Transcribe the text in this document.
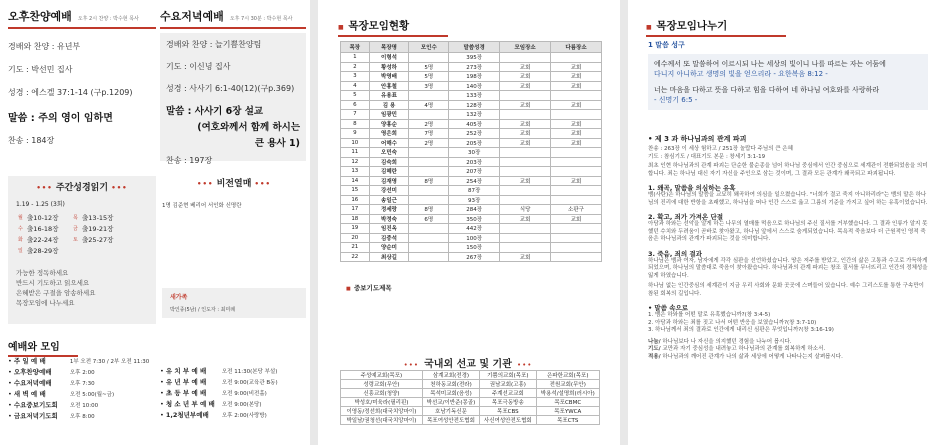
오후찬양예배 오후 2시 찬양 : 박수현 목사
경배와 찬양 : 유년부
기도 : 박선민 집사
성경 : 에스겔 37:1-14 (구p.1209)
말씀 : 주의 영이 임하면
찬송 : 184장
수요저녁예배 오후 7시 30분 : 박수현 목사
경배와 찬양 : 늘기쁨찬양팀
기도 : 이신녕 집사
성경 : 사사기 6:1-40(12)(구p.369)
말씀 : 사사기 6장 설교
(여호와께서 함께 하시는
큰 용사 1)
찬송 : 197장
••• 주간성경읽기 •••
1.19 - 1.25 (3회)
월	출10-12장	목	출13-15장
수	출16-18장	금	출19-21장
화	출22-24장	토	출25-27장
일	출28-29장		
가능한 정독하세요
반드시 기도하고 읽으세요
은혜받은 구절을 암송하세요
목장모임에 나누세요
••• 비전열매 •••
1명 김준현 베리어 서인화 신명란
새가족
박인종(5남) / 인도자 : 최미례
예배와 모임
• 주 일 예 배	1부 오전 7:30 / 2부 오전 11:30
• 오후찬양예배	오후 2:00
• 수요저녁예배	오후 7:30
• 새 벽 예 배	오전 5:00(월~금)
• 수요중보기도회 오전 10:00
• 금요저녁기도회 오후 8:00
• 유 치 부 예 배	오전 11:30(본당 부설)
• 유 년 부 예 배	오전 9:00(교육관 B동)
• 초 등 부 예 배	오전 9:00(비전홀)
• 청 소 년 부 예 배 오전 9:00(본당)
• 1,2청년부예배 오후 2:00(사랑방)
■ 목장모임현황
목장	목장명	모인수	말씀성경	모임장소	다름장소
1	이형석		395장		
2	황성하	5명	273장	교회	교회
3	박영배	5명	198장	교회	교회
4	안홍철	3명	140장	교회	교회
5	유용표		133장		
6	김 용	4명	128장	교회	교회
7	임광민		132장		
8	양홍순	2명	405장	교회	교회
9	영은희	7명	252장	교회	교회
10	어해수	2명	205장	교회	교회
11	오민숙		30장		
12	김숙희		203장		
13	김혜란		207장		
14	김재영	8명	254장	교회	교회
15	강선미		87장		
16	송일근		93장		
17	정세랑	8명	284장	식당	소판구
18	박정숙	6명	350장	교회	교회
19	임진옥		442장		
20	김중석		100장		
21	양순미		150장		
22	최상길		267장	교회	
■ 중보기도제목
••• 국내외 선교 및 기관 •••
주성예교회(목포)	삼계교회(전경)	기쁨의교회(목포)	은파한교회(목포)
성령교회(무안)	천하동교회(전라)	권남교회(고흥)	전원교회(무안)
신흥교회(청양)	목석미교회(음성)	주계선교교회	박용석/설명희(러시아)
박성호/미육라(필리핀)	박선교/이반준(몽골)	목포극동방송	목포CBMC
이영동/정선희(대국치앙마이)	호남기독신문	목포CBS	목포YWCA
박일남/권청선(대국치앙마이)	목포여성안전도협회	사신여성안전도협회	목포CTS
■ 목장모임나누기
1 말씀 성구
에수께서 또 말씀하여 이르시되 나는 세상의 빛이니 나를 따르는 자는 어둠에
다니지 아니하고 생명의 빛을 얻으리라 - 요한복음 8:12 -
너는 마음을 다하고 뜻을 다하고 힘을 다하여 네 하나님 여호와를 사랑하라
- 신명기 6:5 -
• 제 3 과 하나님과의 관계 파괴
찬송 : 263장 이 세상 험하고 / 251장 놀랍다 주님의 큰 은혜
기도 : 참심기도 / 대표기도 본문 : 창세기 3:1-19
최초 인현 하나님과의 관계 파괴는 단순한 불순종을 넘어 하나님 중심에서 인간 중심으로 세계관이 전환되었음을 의미합니다. 죄는 하나님 대신 자기 자신을 주인으로 삼는 것이며, 그 결과 모든 관계가 왜곡되고 파괴됩니다.
1. 왜곡, 말씀을 의심하는 유혹
뱀(사탄)은 하나님의 말씀을 교묘히 왜곡하여 의심을 일으켰습니다. "너희가 결코 죽지 아니하리라"는 뱀의 말은 하나님의 진리에 대한 반항을 초래했고, 하나님을 떠나 인간 스스로 옳고 그름의 기준을 가지고 싶어 하는 유혹이었습니다.
2. 확고, 죄가 가져온 단절
아담과 하와는 선악을 알게 하는 나무의 열매를 먹음으로 하나님의 주신 질서를 거부했습니다. 그 결과 인류가 알지 못했던 수치와 두려움이 곧바로 찾아왔고, 하나님 앞에서 스스로 숨게되었습니다. 목욕적 죽음보다 더 근원적인 영적 죽음은 하나님과의 관계가 파괴되는 것을 의미합니다.
3. 죽음, 죄의 결과
하나님은 뱀과 여자, 남자에게 각각 심판을 선언하셨습니다. 땅은 저주를 받았고, 인간의 삶은 고통과 수고로 가득하게 되었으며, 하나님의 말씀대로 죽음이 찾아왔습니다. 하나님과의 관계 파괴는 창조 질서를 무너뜨리고 인간의 정체성을 잃게 하였습니다.
하나님 없는 인간중심의 세계관이 지금 우리 사회와 문화 곳곳에 스며들어 있습니다. 예수 그리스도를 통한 구속만이 참된 회복의 길입니다.
• 말씀 속으로
1. 뱀은 하와를 어떤 말로 유혹했습니까?(창 3:4-5)
2. 아담과 하와는 죄를 짓고 나서 어떤 반응을 보였습니까?(창 3:7-10)
3. 하나님께서 죄의 결과로 인간에게 내리신 심판은 무엇입니까?(창 3:16-19)
나눔/ 하나님보다 나 자신을 의지했던 경험을 나누어 봅시다.
기도/ 교만과 자기 중심성을 내려놓고 하나님과의 관계를 회복하게 하소서.
적용/ 하나님과의 깨어진 관계가 나의 삶과 세상에 어떻게 나타나는지 살펴봅시다.
